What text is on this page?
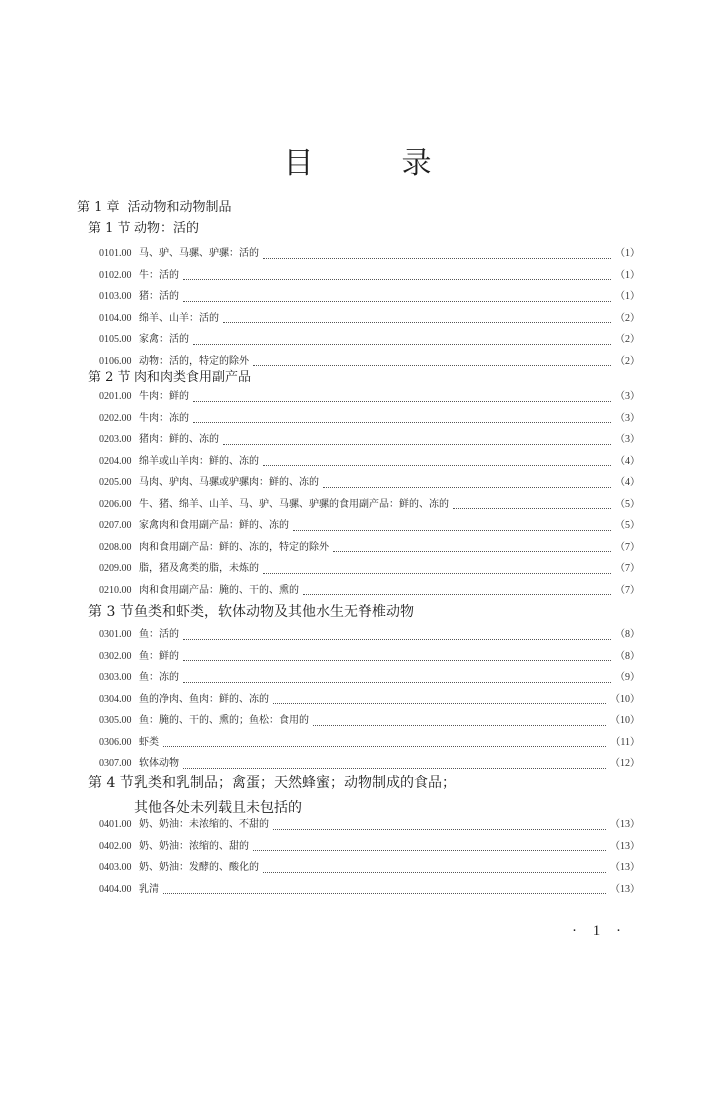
目	录
第 1 章 活动物和动物制品
第 1 节 动物：活的
0101.00 马、驴、马骡、驴骡：活的	（1）
0102.00 牛：活的	（1）
0103.00 猪：活的	（1）
0104.00 绵羊、山羊：活的	（2）
0105.00 家禽：活的	（2）
0106.00 动物：活的，特定的除外	（2）
第 2 节 肉和肉类食用副产品
0201.00 牛肉：鲜的	（3）
0202.00 牛肉：冻的	（3）
0203.00 猪肉：鲜的、冻的	（3）
0204.00 绵羊或山羊肉：鲜的、冻的	（4）
0205.00 马肉、驴肉、马骡或驴骡肉：鲜的、冻的	（4）
0206.00 牛、猪、绵羊、山羊、马、驴、马骡、驴骡的食用副产品：鲜的、冻的	（5）
0207.00 家禽肉和食用副产品：鲜的、冻的	（5）
0208.00 肉和食用副产品：鲜的、冻的，特定的除外	（7）
0209.00 脂，猪及禽类的脂，未炼的	（7）
0210.00 肉和食用副产品：腌的、干的、熏的	（7）
第 3 节鱼类和虾类，软体动物及其他水生无脊椎动物
0301.00 鱼：活的	（8）
0302.00 鱼：鲜的	（8）
0303.00 鱼：冻的	（9）
0304.00 鱼的净肉、鱼肉：鲜的、冻的	（10）
0305.00 鱼：腌的、干的、熏的；鱼松：食用的	（10）
0306.00 虾类	（11）
0307.00 软体动物	（12）
第 4 节乳类和乳制品；禽蛋；天然蜂蜜；动物制成的食品；
其他各处未列载且未包括的
0401.00 奶、奶油：未浓缩的、不甜的	（13）
0402.00 奶、奶油：浓缩的、甜的	（13）
0403.00 奶、奶油：发酵的、酸化的	（13）
0404.00 乳清	（13）
· 1 ·
